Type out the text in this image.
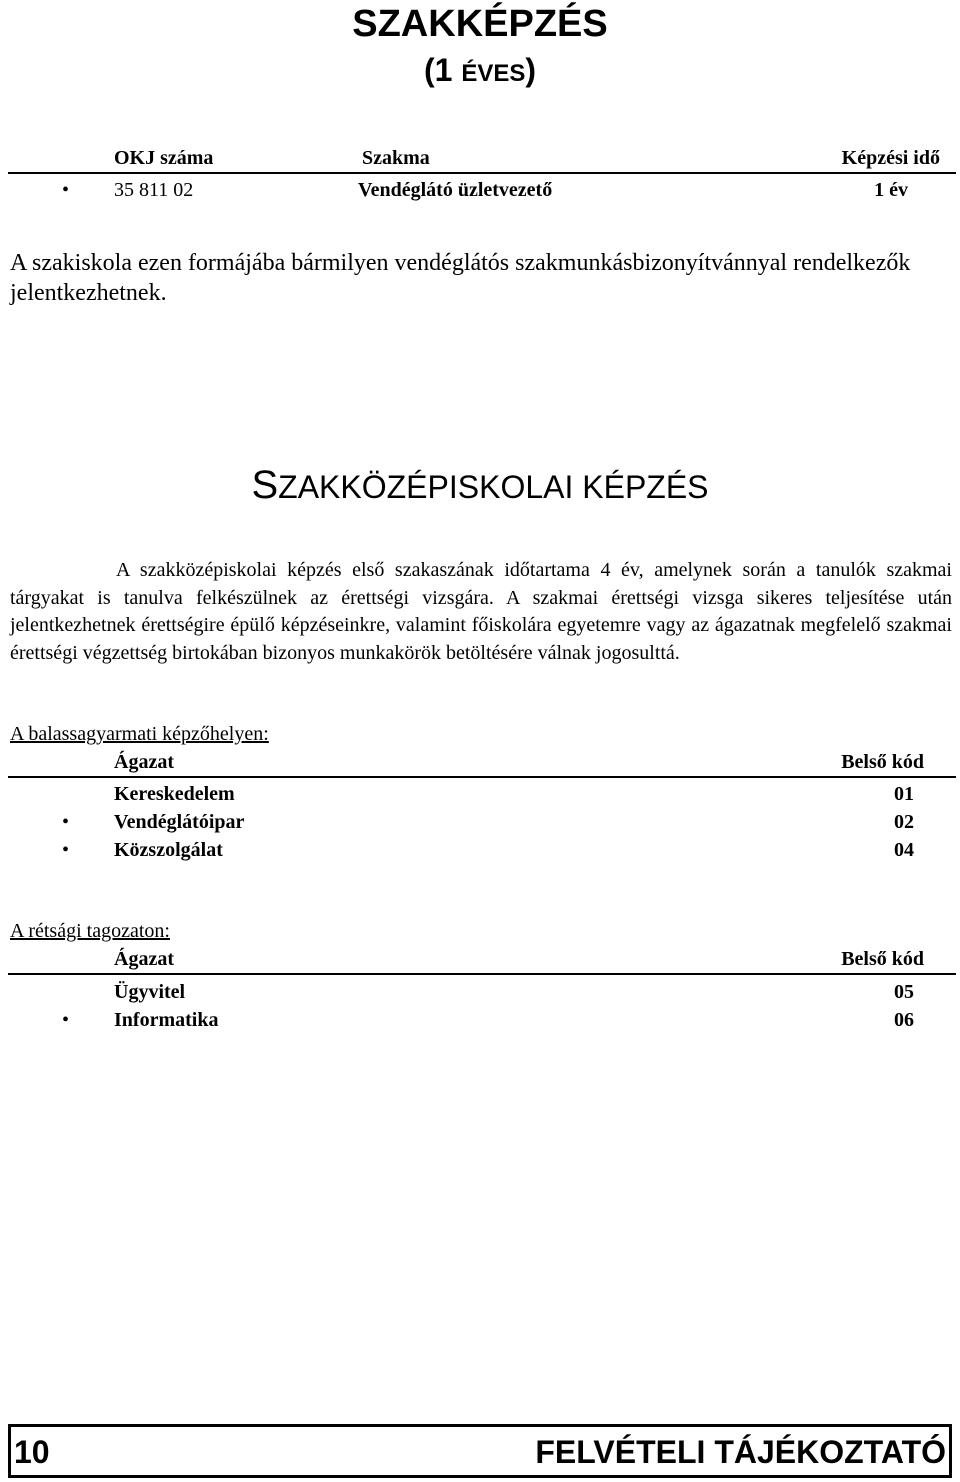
SZAKKÉPZÉS
(1 ÉVES)
OKJ száma	Szakma	Képzési idő
• 35 811 02	Vendéglátó üzletvezető	1 év
A szakiskola ezen formájába bármilyen vendéglátós szakmunkásbizonyítvánnyal rendelkezők jelentkezhetnek.
SZAKKÖZÉPISKOLAI KÉPZÉS

A szakközépiskolai képzés első szakaszának időtartama 4 év, amelynek során a tanulók szakmai tárgyakat is tanulva felkészülnek az érettségi vizsgára. A szakmai érettségi vizsga sikeres teljesítése után jelentkezhetnek érettségire épülő képzéseinkre, valamint főiskolára egyetemre vagy az ágazatnak megfelelő szakmai érettségi végzettség birtokában bizonyos munkakörök betöltésére válnak jogosulttá.

A balassagyarmati képzőhelyen:
Ágazat	Belső kód
Kereskedelem	01
• Vendéglátóipar	02
• Közszolgálat	04
A rétsági tagozaton:
Ágazat	Belső kód
Ügyvitel	05
• Informatika	06
10	FELVÉTELI TÁJÉKOZTATÓ
